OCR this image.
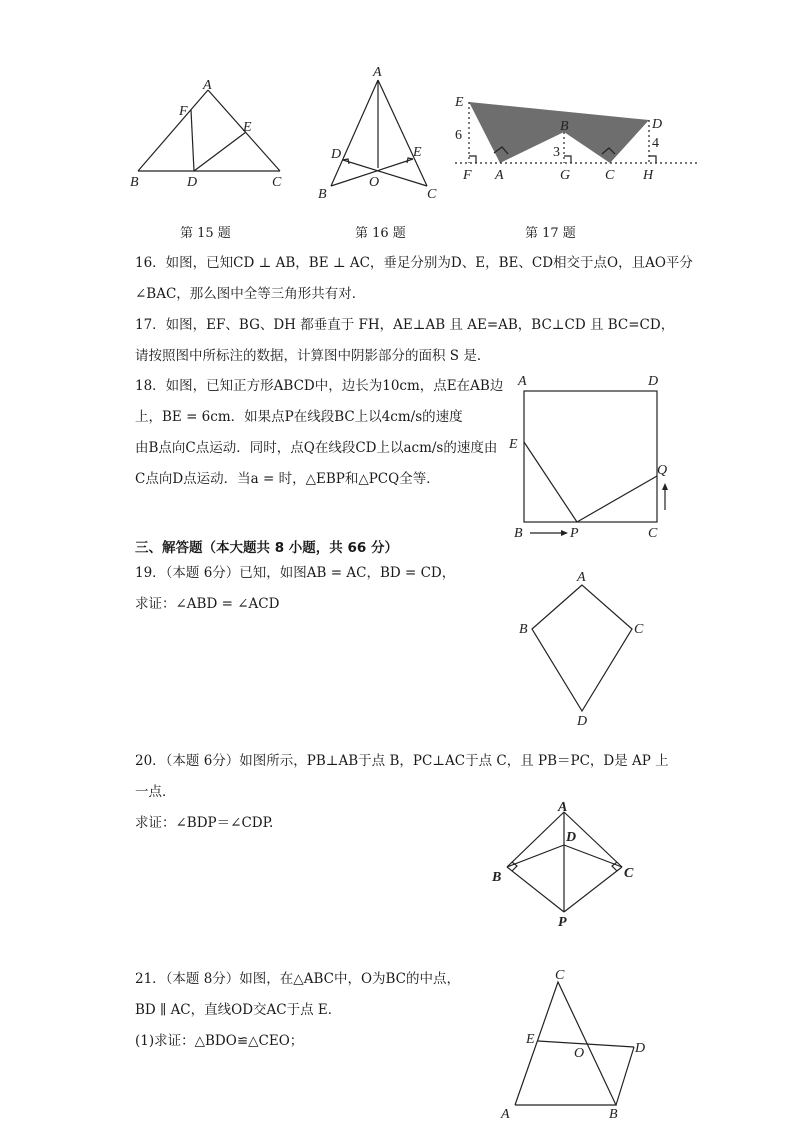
A
F
E
B	D	C
A
D	E
B
O
C
E
B	D
6
3
4
F A	G C H
第 15 题	第 16 题	第 17 题
16．如图，已知CD ⊥ AB，BE ⊥ AC，垂足分别为D、E，BE、CD相交于点O，且AO平分
∠BAC，那么图中全等三角形共有对．
17．如图，EF、BG、DH 都垂直于 FH，AE⊥AB 且 AE=AB，BC⊥CD 且 BC=CD，
请按照图中所标注的数据，计算图中阴影部分的面积 S 是．
18．如图，已知正方形ABCD中，边长为10cm，点E在AB边
上，BE = 6cm．如果点P在线段BC上以4cm/s的速度
由B点向C点运动．同时，点Q在线段CD上以acm/s的速度由
C点向D点运动．当a = 时，△EBP和△PCQ全等．
A	D
E
Q
B	P	C
三、解答题（本大题共 8 小题，共 66 分）
19．（本题 6分）已知，如图AB = AC，BD = CD，
求证：∠ABD = ∠ACD
A
B	C
D
20．（本题 6分）如图所示，PB⊥AB于点 B，PC⊥AC于点 C，且 PB＝PC，D是 AP 上
一点．
求证：∠BDP＝∠CDP.
A
D
B	C
P
21．（本题 8分）如图，在△ABC中，O为BC的中点，
BD ∥ AC，直线OD交AC于点 E．
(1)求证：△BDO≌△CEO；
C
E
O	D
A	B
